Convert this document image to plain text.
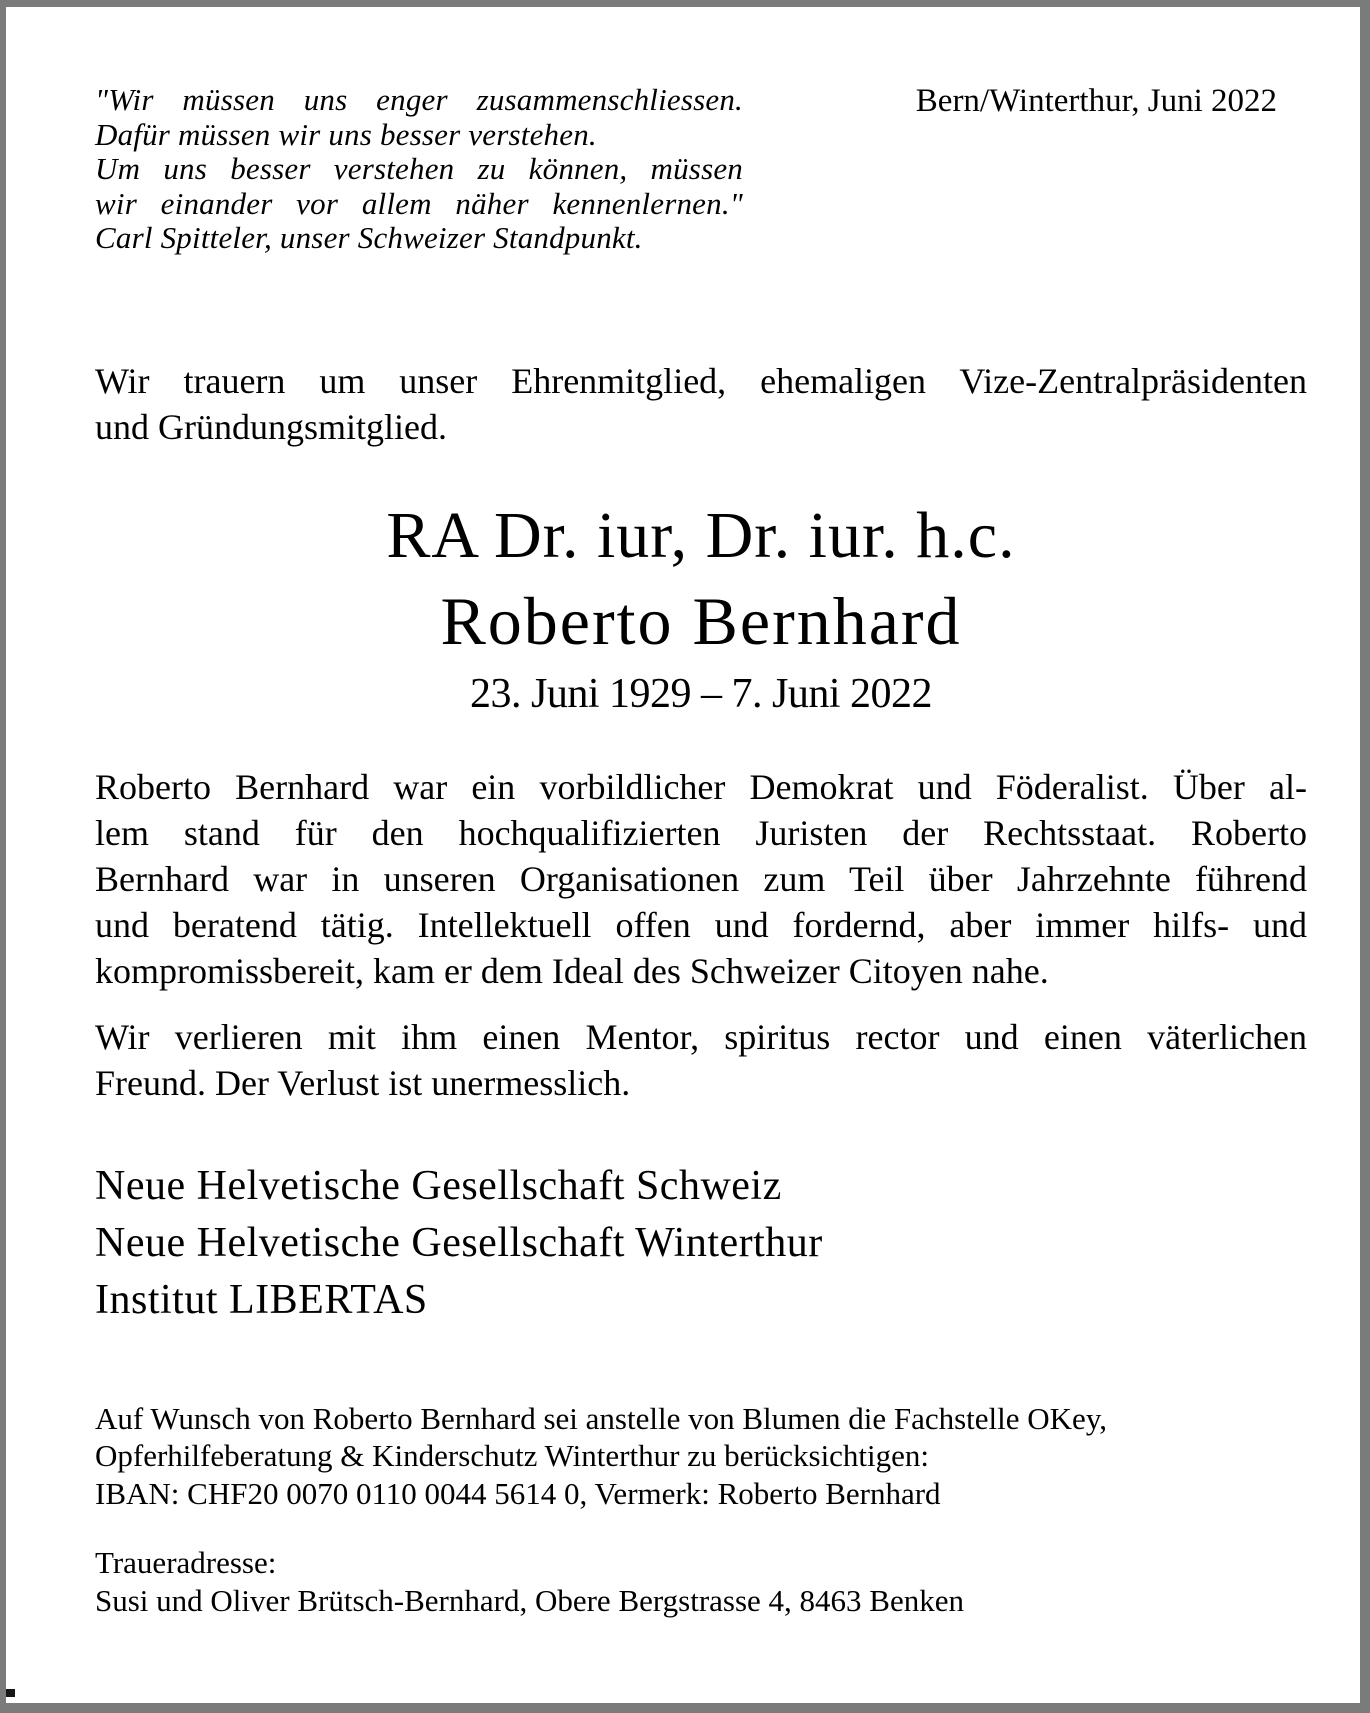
"Wir müssen uns enger zusammenschliessen.
Dafür müssen wir uns besser verstehen.
Um uns besser verstehen zu können, müssen
wir einander vor allem näher kennenlernen."
Carl Spitteler, unser Schweizer Standpunkt.
Bern/Winterthur, Juni 2022
Wir trauern um unser Ehrenmitglied, ehemaligen Vize-Zentralpräsidenten
und Gründungsmitglied.
RA Dr. iur, Dr. iur. h.c.
Roberto Bernhard
23. Juni 1929 – 7. Juni 2022
Roberto Bernhard war ein vorbildlicher Demokrat und Föderalist. Über al-
lem stand für den hochqualifizierten Juristen der Rechtsstaat. Roberto
Bernhard war in unseren Organisationen zum Teil über Jahrzehnte führend
und beratend tätig. Intellektuell offen und fordernd, aber immer hilfs- und
kompromissbereit, kam er dem Ideal des Schweizer Citoyen nahe.
Wir verlieren mit ihm einen Mentor, spiritus rector und einen väterlichen
Freund. Der Verlust ist unermesslich.
Neue Helvetische Gesellschaft Schweiz
Neue Helvetische Gesellschaft Winterthur
Institut LIBERTAS
Auf Wunsch von Roberto Bernhard sei anstelle von Blumen die Fachstelle OKey,
Opferhilfeberatung & Kinderschutz Winterthur zu berücksichtigen:
IBAN: CHF20 0070 0110 0044 5614 0, Vermerk: Roberto Bernhard
Traueradresse:
Susi und Oliver Brütsch-Bernhard, Obere Bergstrasse 4, 8463 Benken
